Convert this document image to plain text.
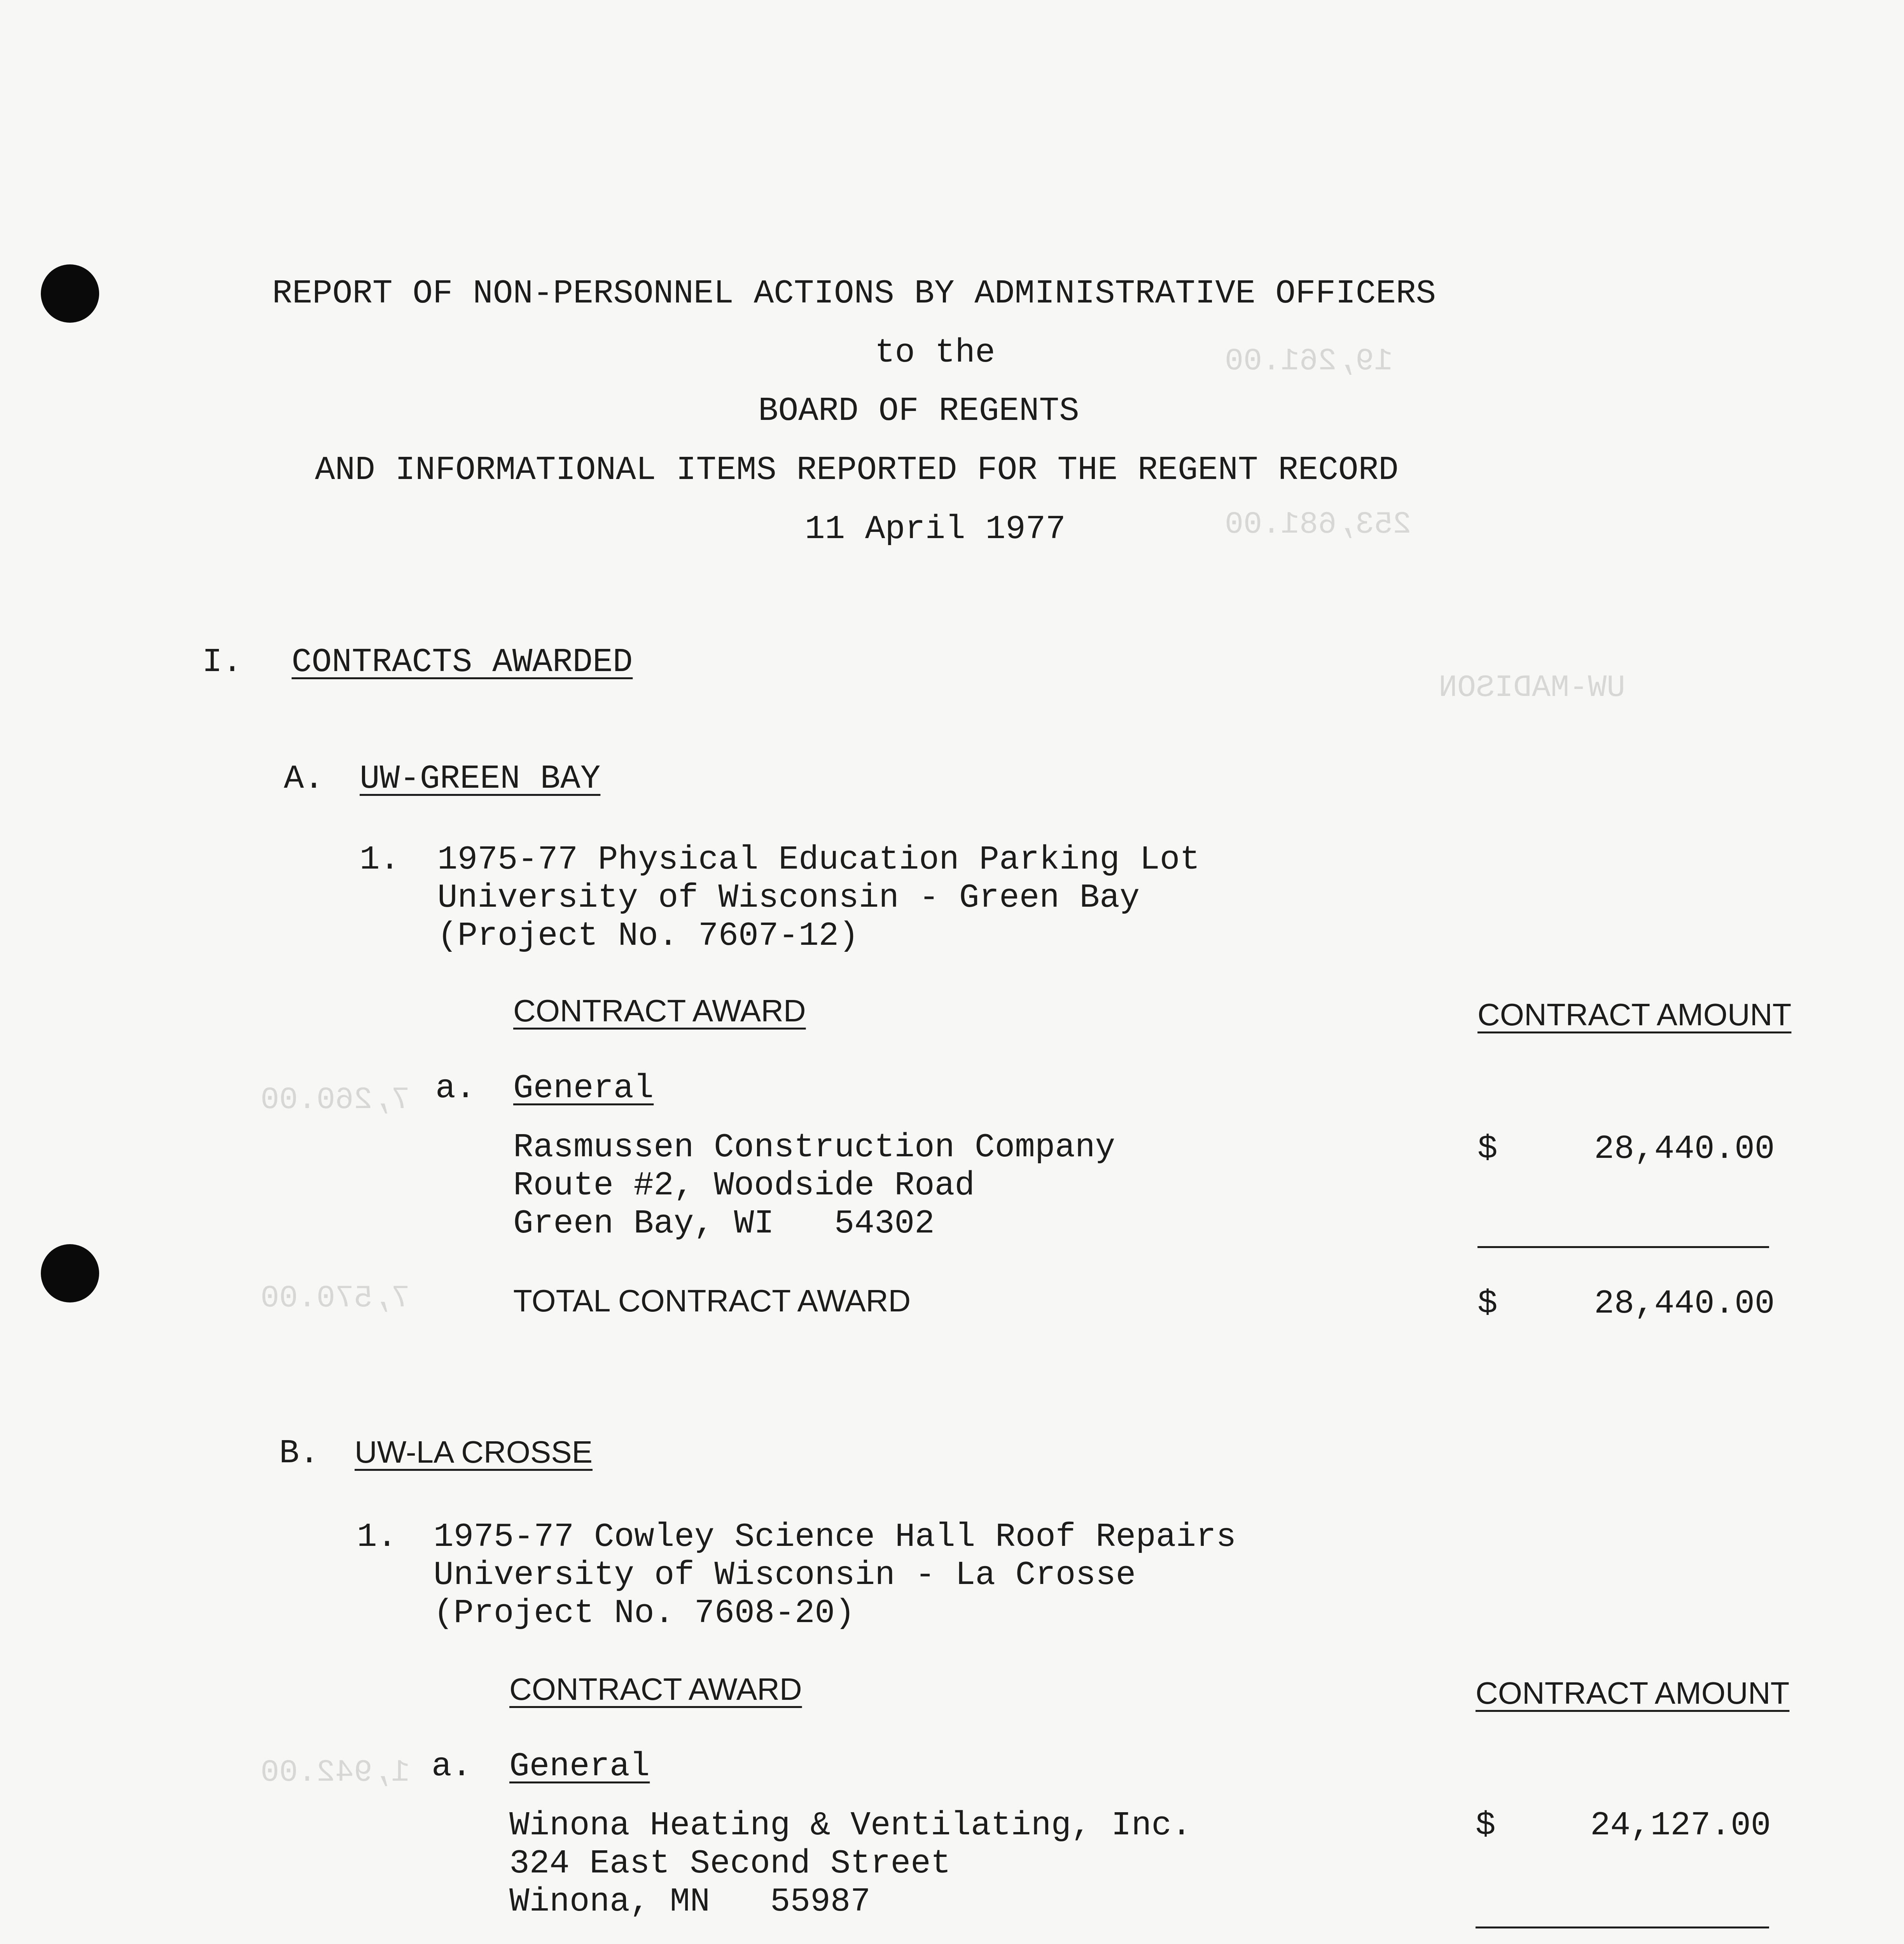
19,261.00
253,681.00
UW-MADISON
7,260.00
7,570.00
1,942.00
REPORT OF NON-PERSONNEL ACTIONS BY ADMINISTRATIVE OFFICERS
to the
BOARD OF REGENTS
AND INFORMATIONAL ITEMS REPORTED FOR THE REGENT RECORD
11 April 1977
I. CONTRACTS AWARDED
A. UW-GREEN BAY
1. 1975-77 Physical Education Parking Lot
University of Wisconsin - Green Bay
(Project No. 7607-12)
CONTRACT AWARD	CONTRACT AMOUNT
a. General
Rasmussen Construction Company
Route #2, Woodside Road
Green Bay, WI   54302
$	28,440.00
TOTAL CONTRACT AWARD	$	28,440.00
B. UW-LA CROSSE
1. 1975-77 Cowley Science Hall Roof Repairs
University of Wisconsin - La Crosse
(Project No. 7608-20)
CONTRACT AWARD	CONTRACT AMOUNT
a. General
Winona Heating & Ventilating, Inc.
324 East Second Street
Winona, MN   55987
$	24,127.00
